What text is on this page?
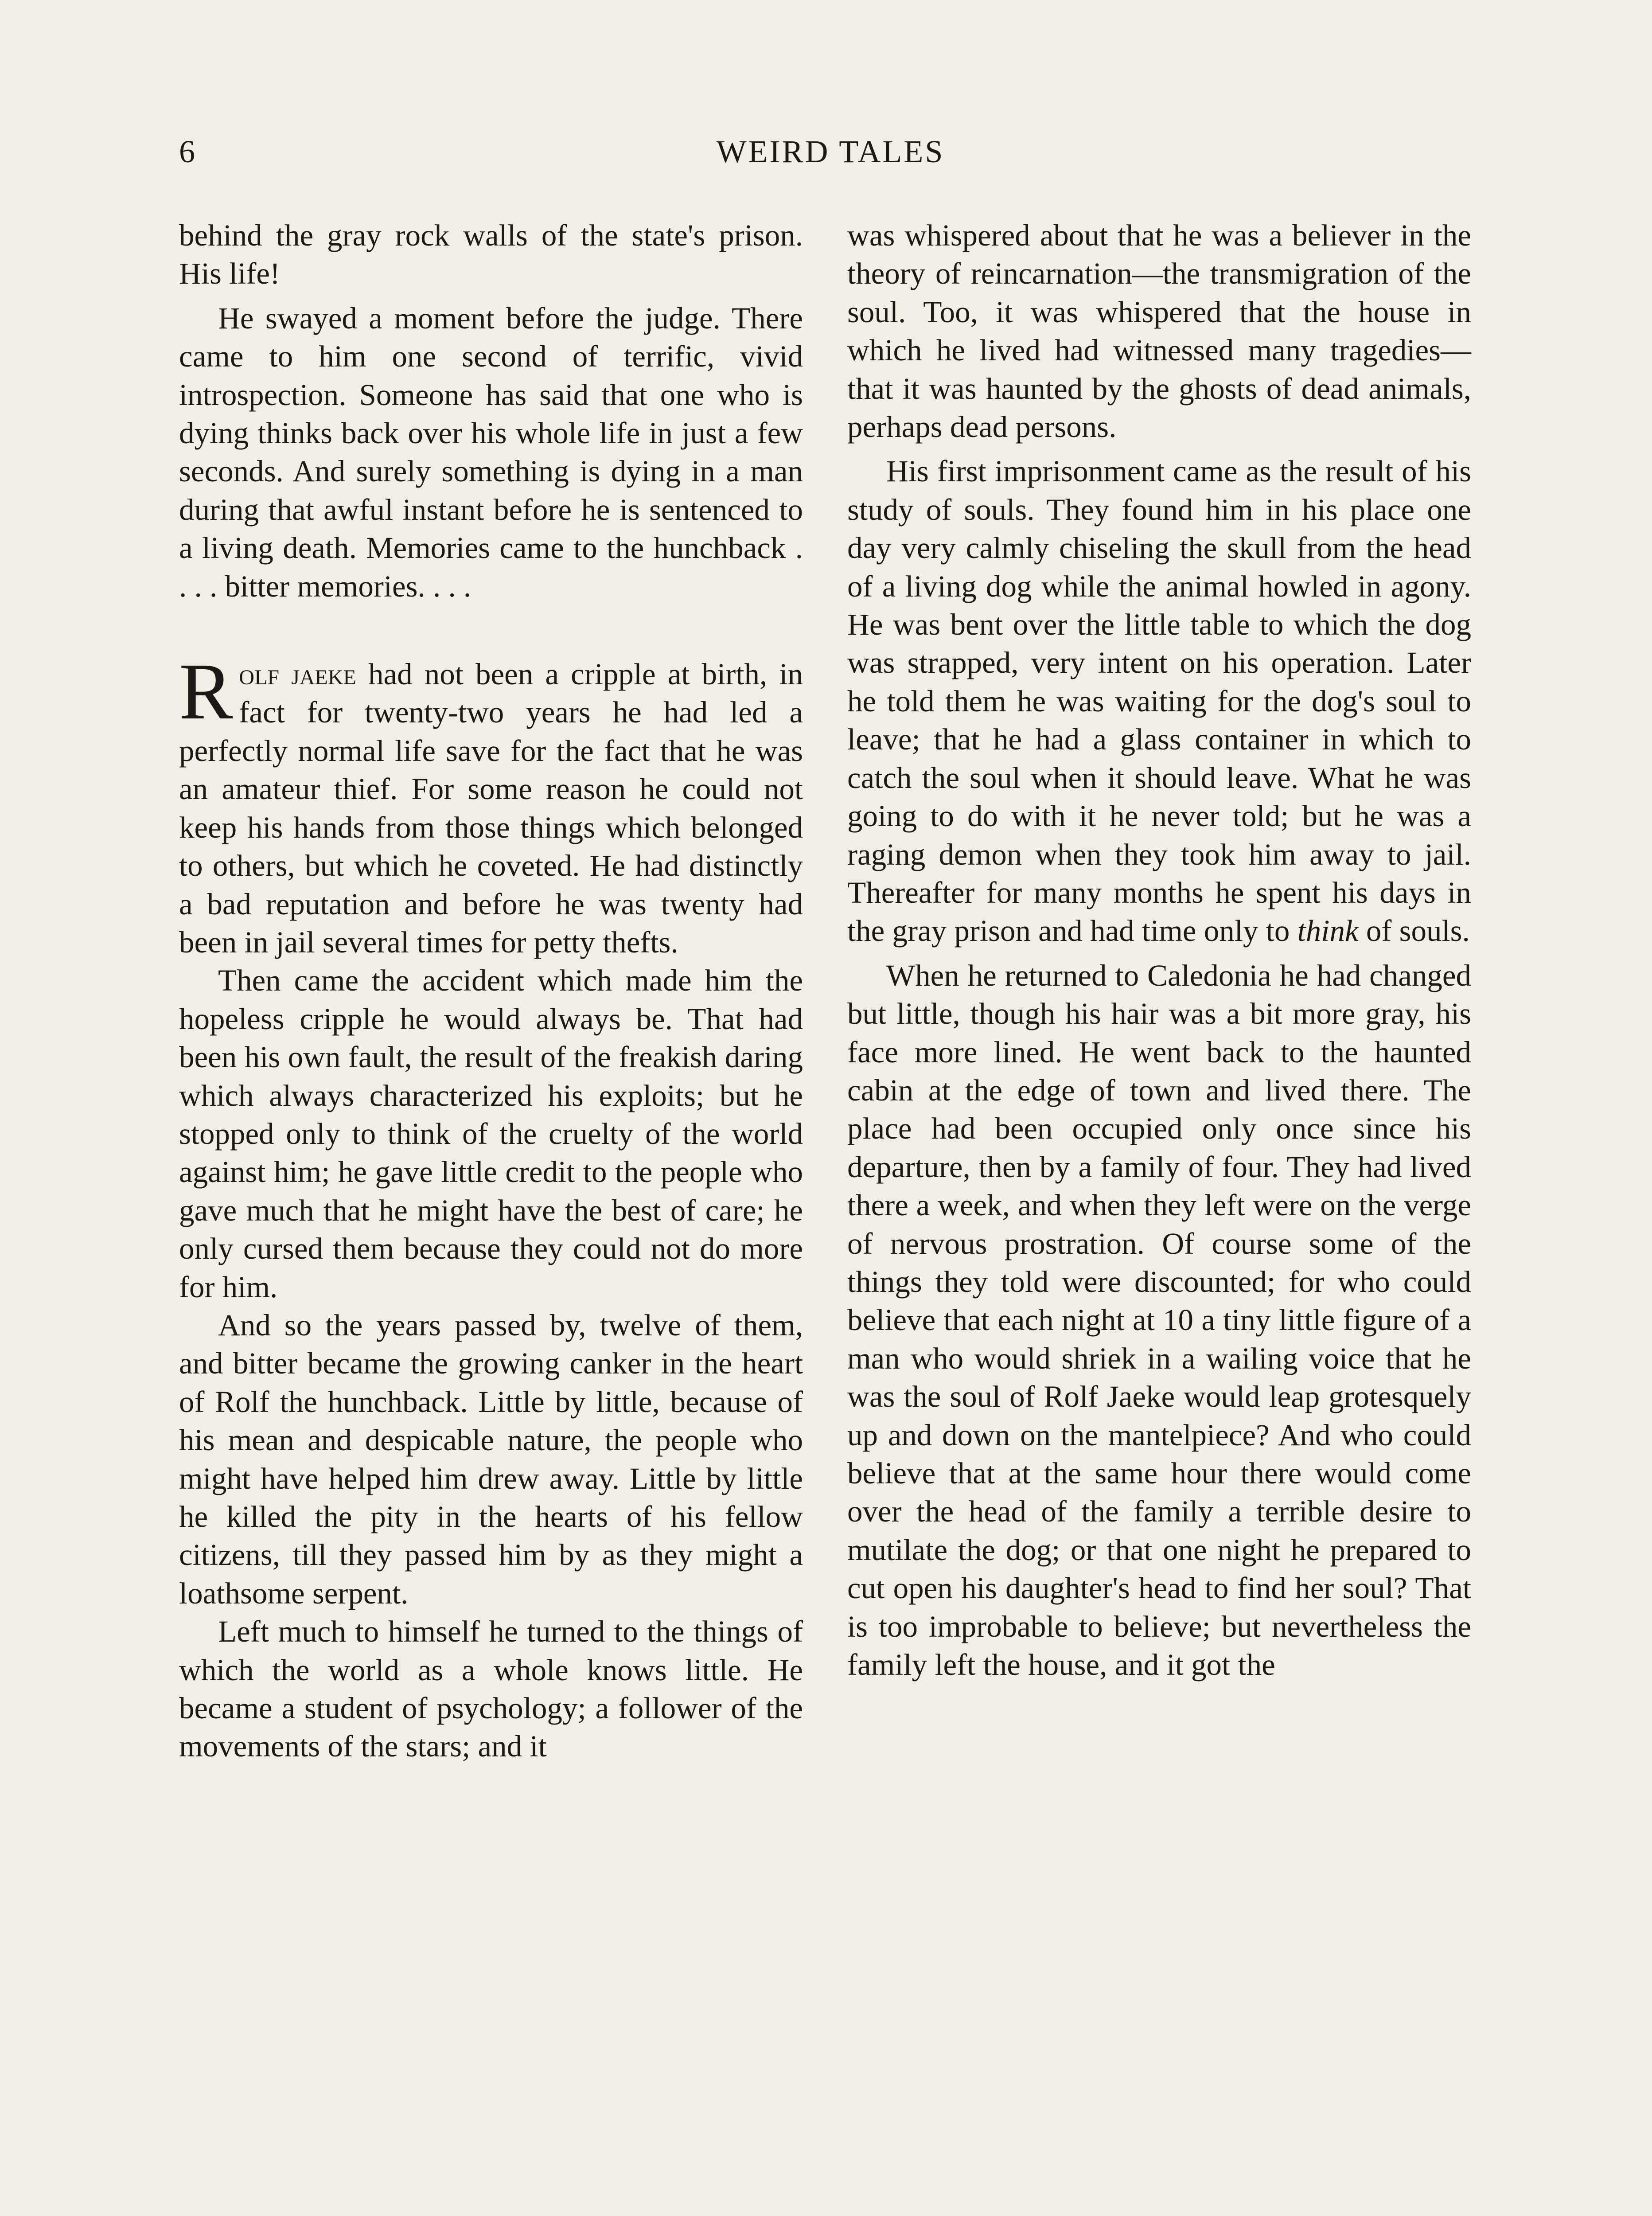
6	WEIRD TALES

behind the gray rock walls of the state's prison. His life!

He swayed a moment before the judge. There came to him one second of terrific, vivid introspection. Someone has said that one who is dying thinks back over his whole life in just a few seconds. And surely something is dying in a man during that awful instant before he is sentenced to a living death. Memories came to the hunchback . . . . bitter memories. . . .

Rolf jaeke had not been a cripple at birth, in fact for twenty-two years he had led a perfectly normal life save for the fact that he was an amateur thief. For some reason he could not keep his hands from those things which belonged to others, but which he coveted. He had distinctly a bad reputation and before he was twenty had been in jail several times for petty thefts.

Then came the accident which made him the hopeless cripple he would always be. That had been his own fault, the result of the freakish daring which always characterized his exploits; but he stopped only to think of the cruelty of the world against him; he gave little credit to the people who gave much that he might have the best of care; he only cursed them because they could not do more for him.

And so the years passed by, twelve of them, and bitter became the growing canker in the heart of Rolf the hunchback. Little by little, because of his mean and despicable nature, the people who might have helped him drew away. Little by little he killed the pity in the hearts of his fellow citizens, till they passed him by as they might a loathsome serpent.

Left much to himself he turned to the things of which the world as a whole knows little. He became a student of psychology; a follower of the movements of the stars; and it

was whispered about that he was a believer in the theory of reincarnation—the transmigration of the soul. Too, it was whispered that the house in which he lived had witnessed many tragedies—that it was haunted by the ghosts of dead animals, perhaps dead persons.

His first imprisonment came as the result of his study of souls. They found him in his place one day very calmly chiseling the skull from the head of a living dog while the animal howled in agony. He was bent over the little table to which the dog was strapped, very intent on his operation. Later he told them he was waiting for the dog's soul to leave; that he had a glass container in which to catch the soul when it should leave. What he was going to do with it he never told; but he was a raging demon when they took him away to jail. Thereafter for many months he spent his days in the gray prison and had time only to think of souls.

When he returned to Caledonia he had changed but little, though his hair was a bit more gray, his face more lined. He went back to the haunted cabin at the edge of town and lived there. The place had been occupied only once since his departure, then by a family of four. They had lived there a week, and when they left were on the verge of nervous prostration. Of course some of the things they told were discounted; for who could believe that each night at 10 a tiny little figure of a man who would shriek in a wailing voice that he was the soul of Rolf Jaeke would leap grotesquely up and down on the mantelpiece? And who could believe that at the same hour there would come over the head of the family a terrible desire to mutilate the dog; or that one night he prepared to cut open his daughter's head to find her soul? That is too improbable to believe; but nevertheless the family left the house, and it got the
